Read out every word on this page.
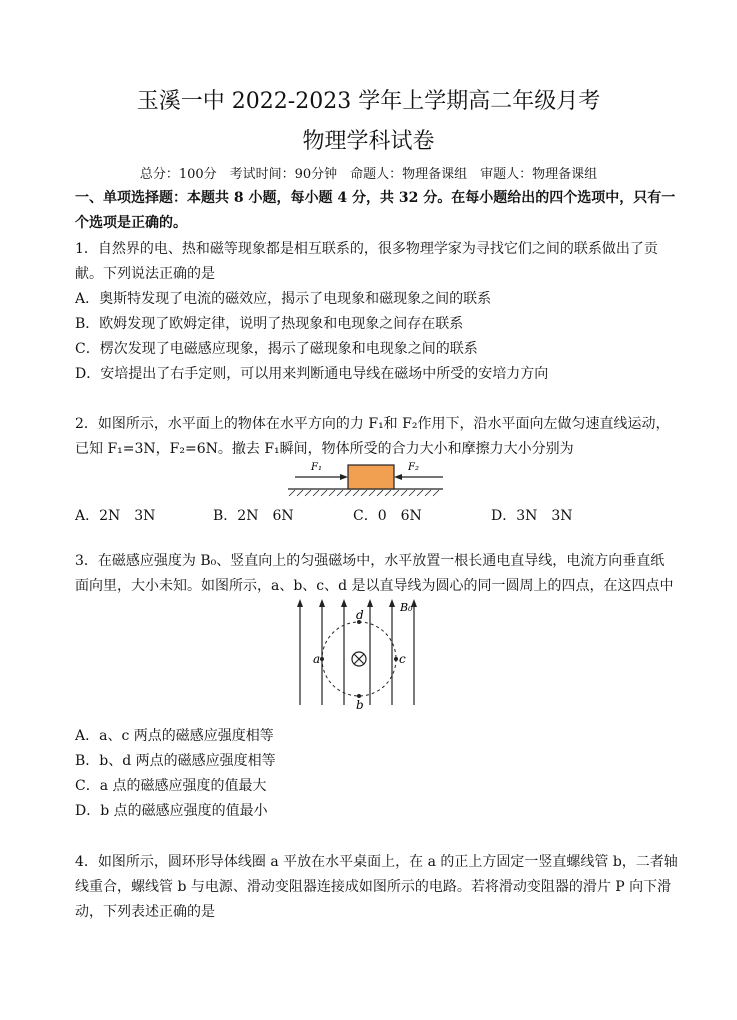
玉溪一中 2022-2023 学年上学期高二年级月考
物理学科试卷
总分：100分　考试时间：90分钟　命题人：物理备课组　审题人：物理备课组
一、单项选择题：本题共 8 小题，每小题 4 分，共 32 分。在每小题给出的四个选项中，只有一
个选项是正确的。
1．自然界的电、热和磁等现象都是相互联系的，很多物理学家为寻找它们之间的联系做出了贡
献。下列说法正确的是
A．奥斯特发现了电流的磁效应，揭示了电现象和磁现象之间的联系
B．欧姆发现了欧姆定律，说明了热现象和电现象之间存在联系
C．楞次发现了电磁感应现象，揭示了磁现象和电现象之间的联系
D．安培提出了右手定则，可以用来判断通电导线在磁场中所受的安培力方向
2．如图所示，水平面上的物体在水平方向的力 F₁和 F₂作用下，沿水平面向左做匀速直线运动，
已知 F₁=3N，F₂=6N。撤去 F₁瞬间，物体所受的合力大小和摩擦力大小分别为
F₁	F₂
A．2N　3N	B．2N　6N	C．0　6N	D．3N　3N
3．在磁感应强度为 B₀、竖直向上的匀强磁场中，水平放置一根长通电直导线，电流方向垂直纸
面向里，大小未知。如图所示，a、b、c、d 是以直导线为圆心的同一圆周上的四点，在这四点中
a	c
d
b
B₀
A．a、c 两点的磁感应强度相等
B．b、d 两点的磁感应强度相等
C．a 点的磁感应强度的值最大
D．b 点的磁感应强度的值最小
4．如图所示，圆环形导体线圈 a 平放在水平桌面上，在 a 的正上方固定一竖直螺线管 b，二者轴
线重合，螺线管 b 与电源、滑动变阻器连接成如图所示的电路。若将滑动变阻器的滑片 P 向下滑
动，下列表述正确的是
